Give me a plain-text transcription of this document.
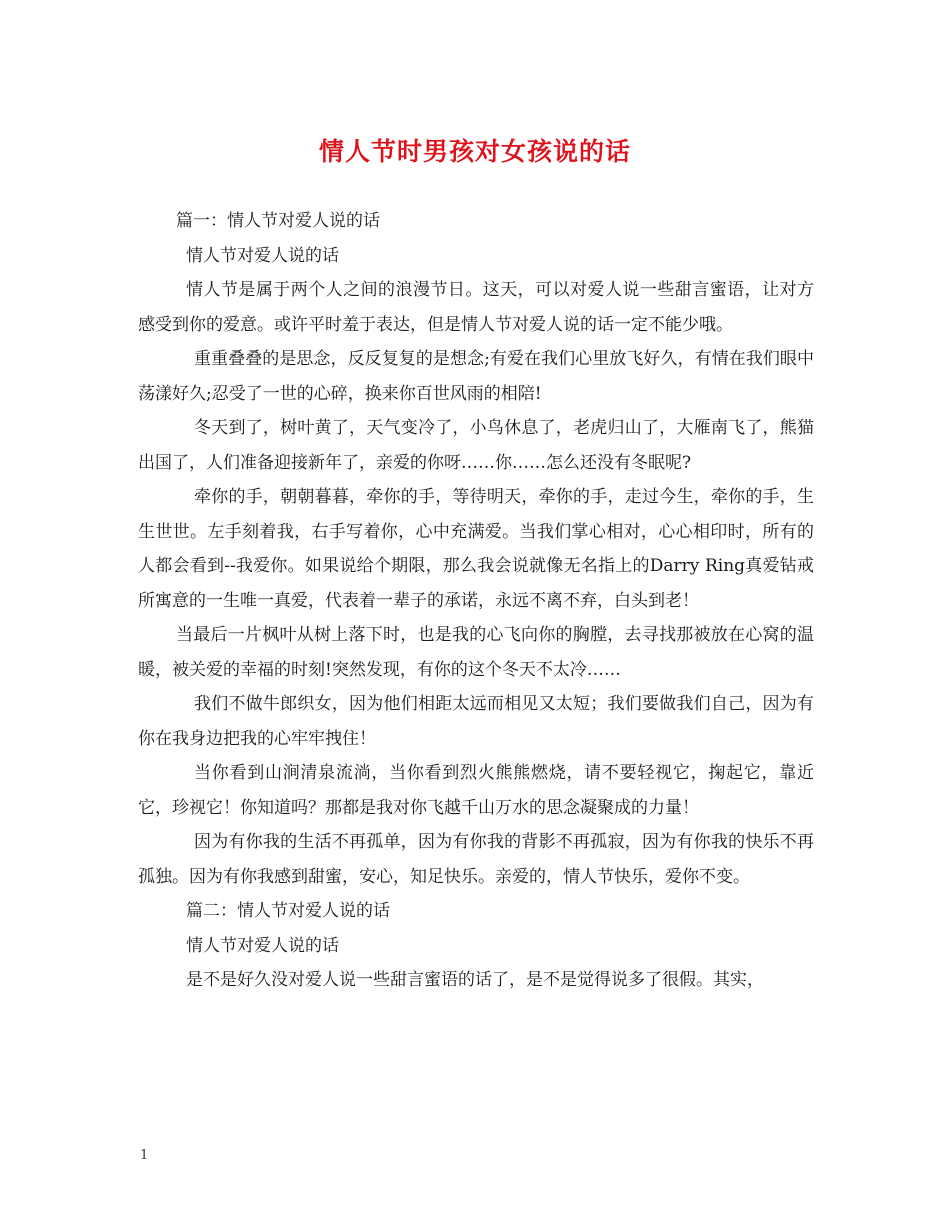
情人节时男孩对女孩说的话

篇一：情人节对爱人说的话

情人节对爱人说的话

情人节是属于两个人之间的浪漫节日。这天，可以对爱人说一些甜言蜜语，让对方感受到你的爱意。或许平时羞于表达，但是情人节对爱人说的话一定不能少哦。

重重叠叠的是思念，反反复复的是想念;有爱在我们心里放飞好久，有情在我们眼中荡漾好久;忍受了一世的心碎，换来你百世风雨的相陪!

冬天到了，树叶黄了，天气变冷了，小鸟休息了，老虎归山了，大雁南飞了，熊猫出国了，人们准备迎接新年了，亲爱的你呀……你……怎么还没有冬眠呢?

牵你的手，朝朝暮暮，牵你的手，等待明天，牵你的手，走过今生，牵你的手，生生世世。左手刻着我，右手写着你，心中充满爱。当我们掌心相对，心心相印时，所有的人都会看到--我爱你。如果说给个期限，那么我会说就像无名指上的Darry Ring真爱钻戒所寓意的一生唯一真爱，代表着一辈子的承诺，永远不离不弃，白头到老！

当最后一片枫叶从树上落下时，也是我的心飞向你的胸膛，去寻找那被放在心窝的温暖，被关爱的幸福的时刻!突然发现，有你的这个冬天不太冷……

我们不做牛郎织女，因为他们相距太远而相见又太短；我们要做我们自己，因为有你在我身边把我的心牢牢拽住！

当你看到山涧清泉流淌，当你看到烈火熊熊燃烧，请不要轻视它，掬起它，靠近它，珍视它！你知道吗？那都是我对你飞越千山万水的思念凝聚成的力量！

因为有你我的生活不再孤单，因为有你我的背影不再孤寂，因为有你我的快乐不再孤独。因为有你我感到甜蜜，安心，知足快乐。亲爱的，情人节快乐，爱你不变。

篇二：情人节对爱人说的话

情人节对爱人说的话

是不是好久没对爱人说一些甜言蜜语的话了，是不是觉得说多了很假。其实，

1
